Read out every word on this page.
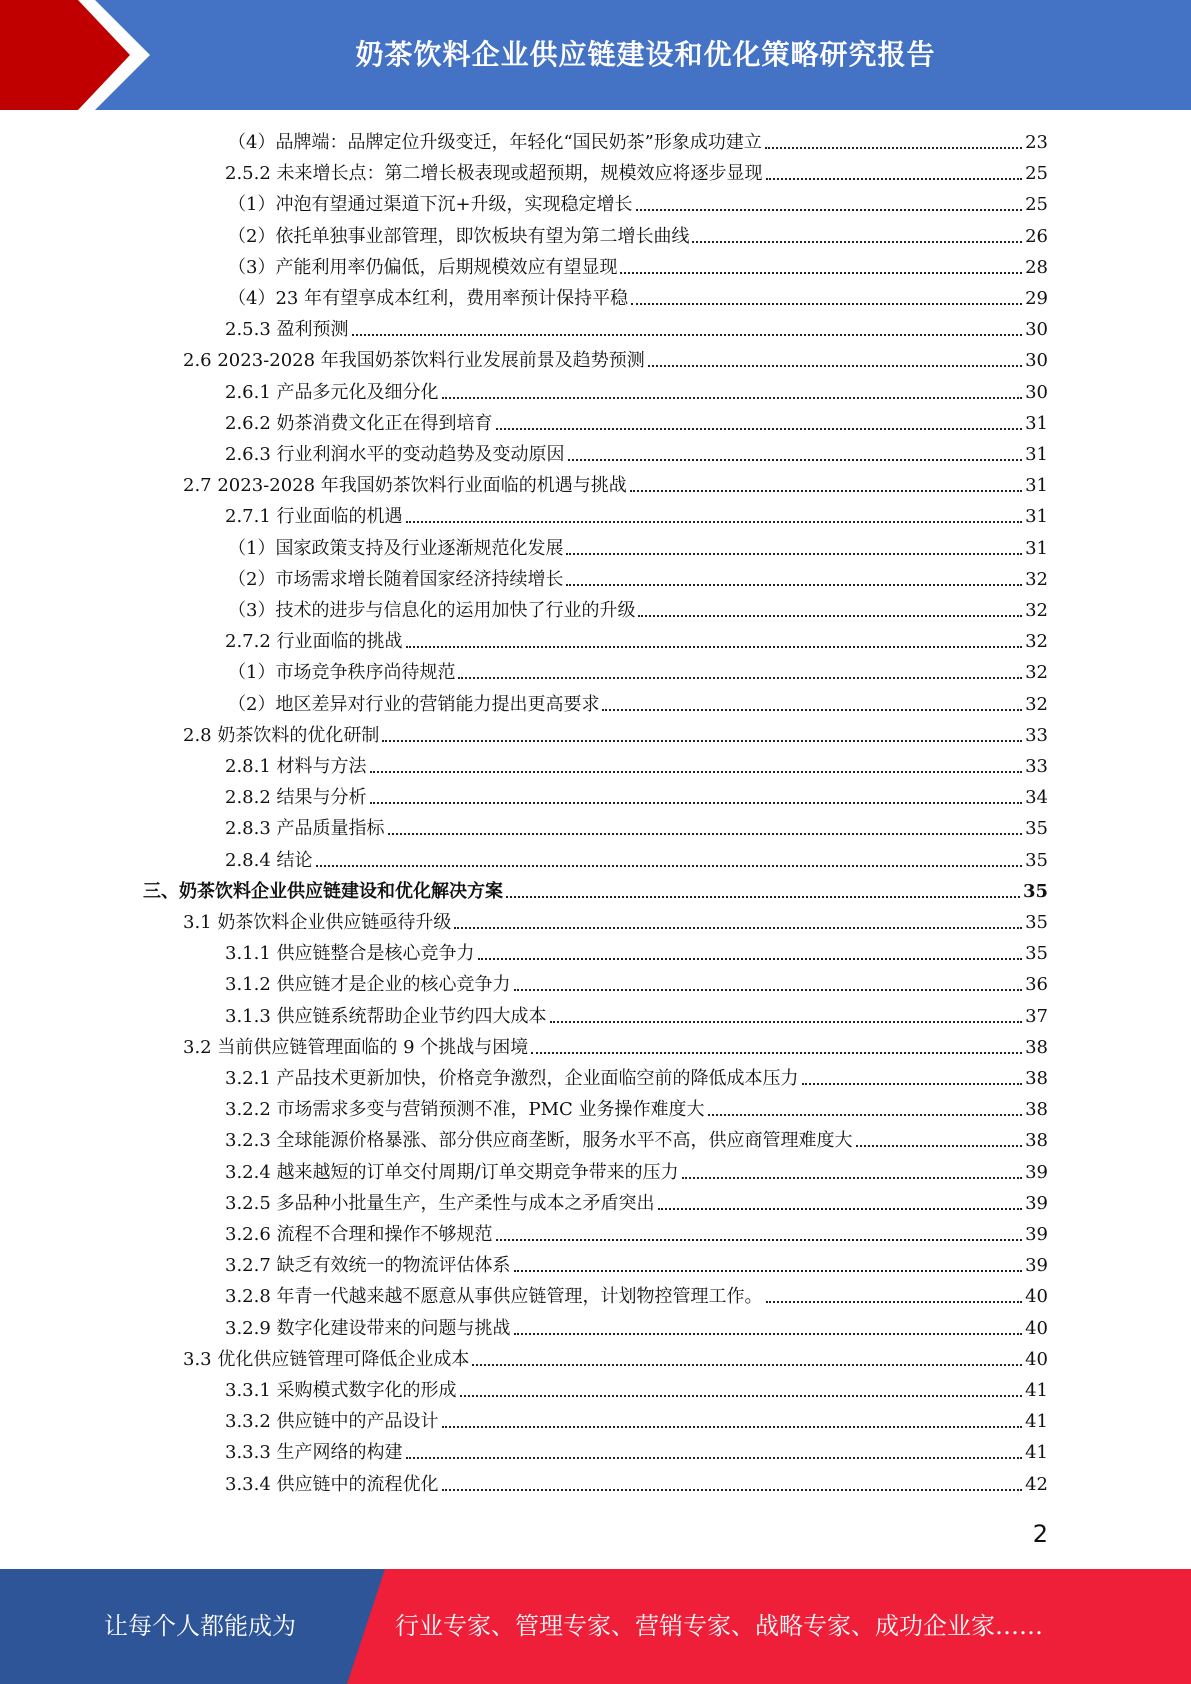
奶茶饮料企业供应链建设和优化策略研究报告
（4）品牌端：品牌定位升级变迁，年轻化“国民奶茶”形象成功建立	23
2.5.2 未来增长点：第二增长极表现或超预期，规模效应将逐步显现	25
（1）冲泡有望通过渠道下沉+升级，实现稳定增长	25
（2）依托单独事业部管理，即饮板块有望为第二增长曲线	26
（3）产能利用率仍偏低，后期规模效应有望显现	28
（4）23 年有望享成本红利，费用率预计保持平稳	29
2.5.3 盈利预测	30
2.6 2023-2028 年我国奶茶饮料行业发展前景及趋势预测	30
2.6.1 产品多元化及细分化	30
2.6.2 奶茶消费文化正在得到培育	31
2.6.3 行业利润水平的变动趋势及变动原因	31
2.7 2023-2028 年我国奶茶饮料行业面临的机遇与挑战	31
2.7.1 行业面临的机遇	31
（1）国家政策支持及行业逐渐规范化发展	31
（2）市场需求增长随着国家经济持续增长	32
（3）技术的进步与信息化的运用加快了行业的升级	32
2.7.2 行业面临的挑战	32
（1）市场竞争秩序尚待规范	32
（2）地区差异对行业的营销能力提出更高要求	32
2.8 奶茶饮料的优化研制	33
2.8.1 材料与方法	33
2.8.2 结果与分析	34
2.8.3 产品质量指标	35
2.8.4 结论	35
三、奶茶饮料企业供应链建设和优化解决方案	35
3.1 奶茶饮料企业供应链亟待升级	35
3.1.1 供应链整合是核心竞争力	35
3.1.2 供应链才是企业的核心竞争力	36
3.1.3 供应链系统帮助企业节约四大成本	37
3.2 当前供应链管理面临的 9 个挑战与困境	38
3.2.1 产品技术更新加快，价格竞争激烈，企业面临空前的降低成本压力	38
3.2.2 市场需求多变与营销预测不准，PMC 业务操作难度大	38
3.2.3 全球能源价格暴涨、部分供应商垄断，服务水平不高，供应商管理难度大	38
3.2.4 越来越短的订单交付周期/订单交期竞争带来的压力	39
3.2.5 多品种小批量生产，生产柔性与成本之矛盾突出	39
3.2.6 流程不合理和操作不够规范	39
3.2.7 缺乏有效统一的物流评估体系	39
3.2.8 年青一代越来越不愿意从事供应链管理，计划物控管理工作。	40
3.2.9 数字化建设带来的问题与挑战	40
3.3 优化供应链管理可降低企业成本	40
3.3.1 采购模式数字化的形成	41
3.3.2 供应链中的产品设计	41
3.3.3 生产网络的构建	41
3.3.4 供应链中的流程优化	42
2
让每个人都能成为	行业专家、管理专家、营销专家、战略专家、成功企业家……
